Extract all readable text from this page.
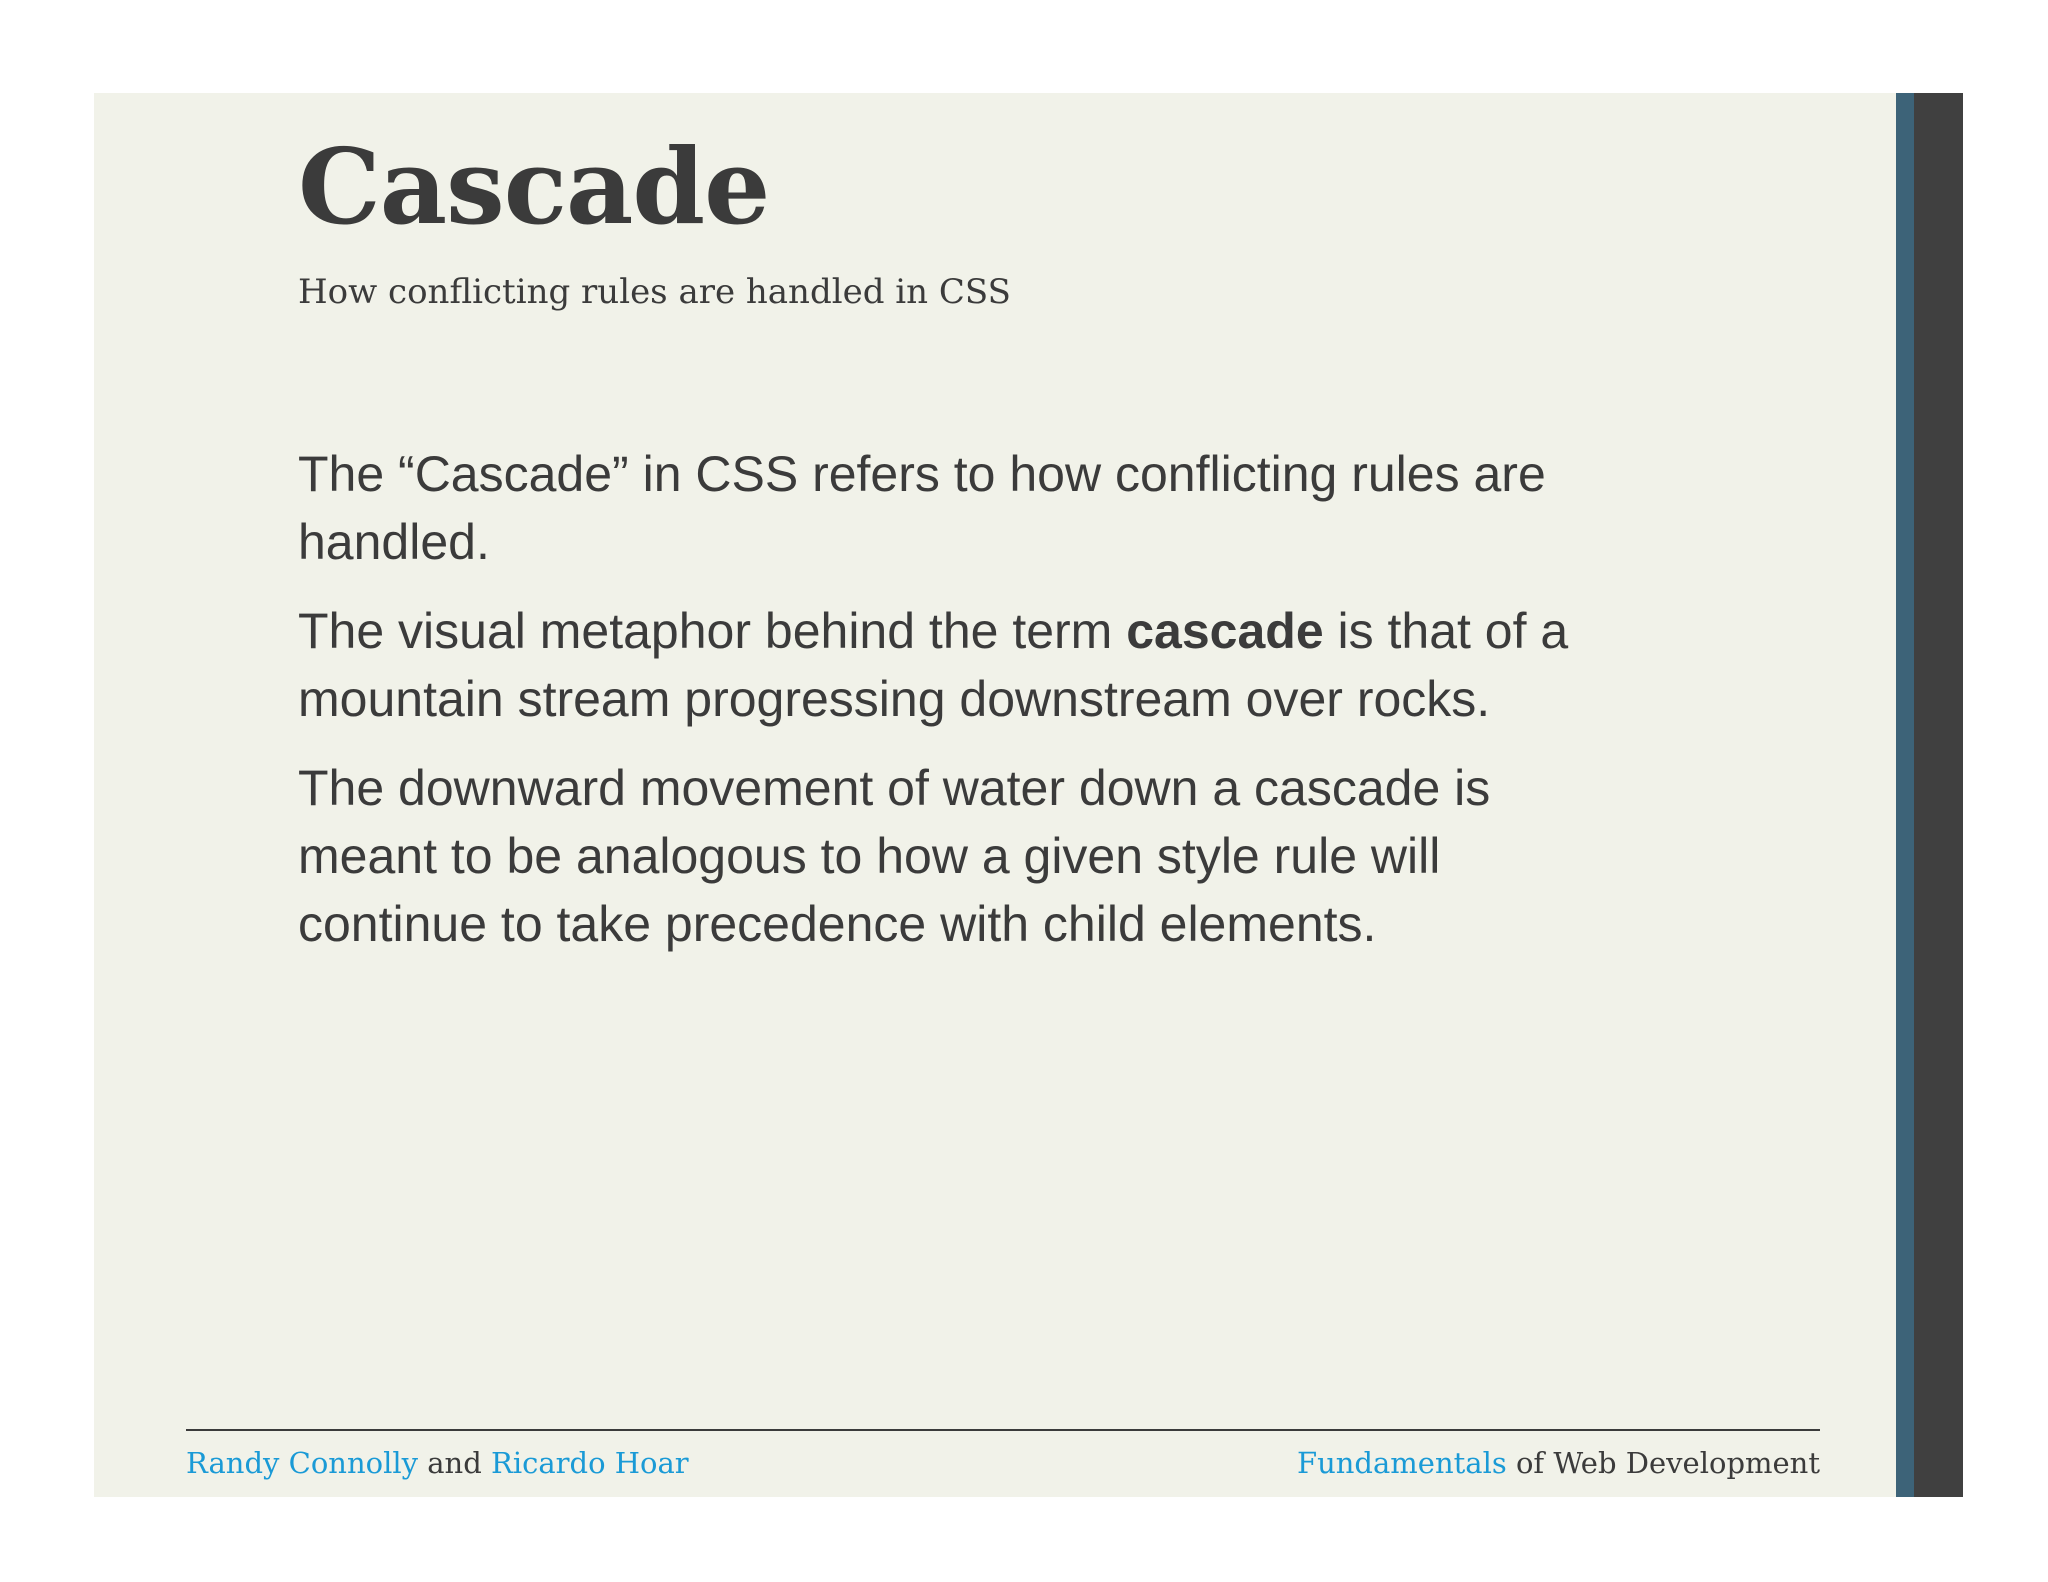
Cascade
How conflicting rules are handled in CSS

The “Cascade” in CSS refers to how conflicting rules are handled.

The visual metaphor behind the term cascade is that of a mountain stream progressing downstream over rocks.

The downward movement of water down a cascade is meant to be analogous to how a given style rule will continue to take precedence with child elements.

Randy Connolly and Ricardo Hoar	Fundamentals of Web Development
